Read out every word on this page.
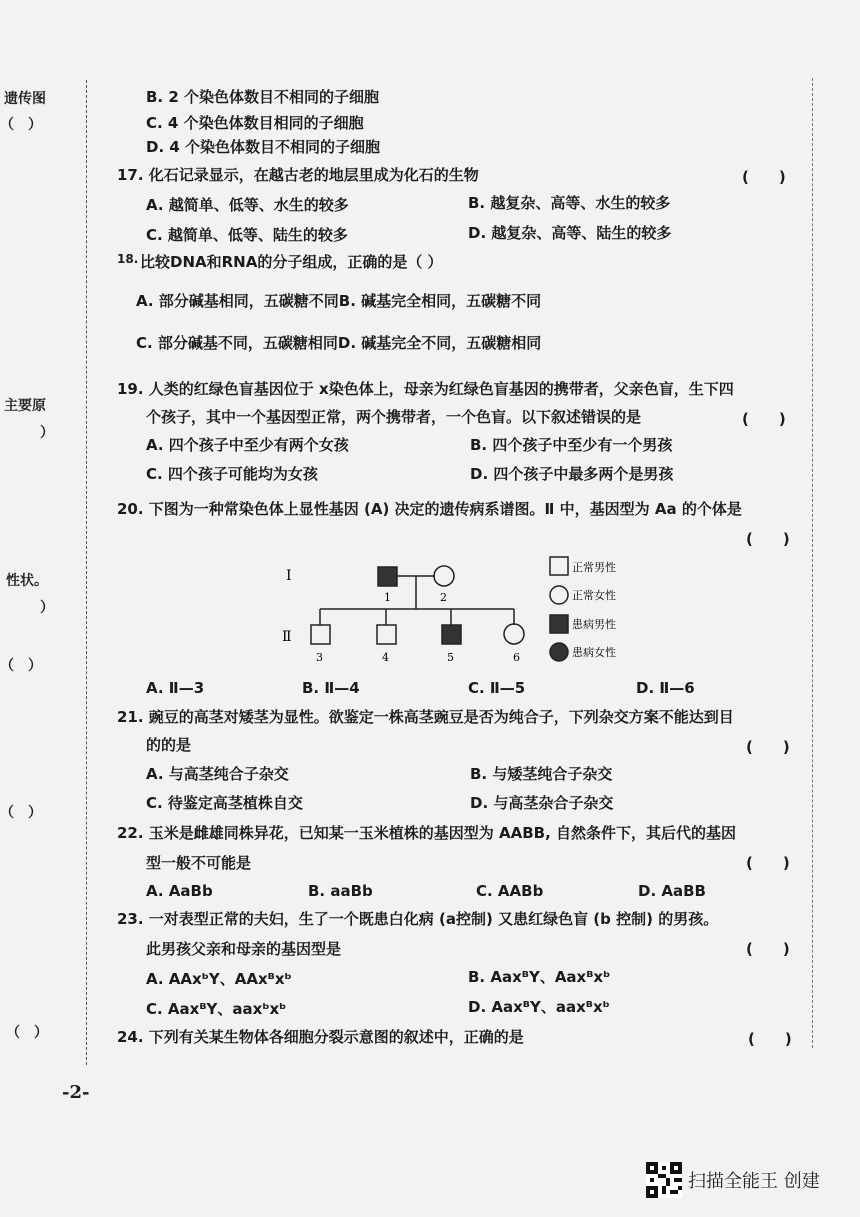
遗传图
（　）
主要原
）
性状。
）
（　）
（　）
（　）
B. 2 个染色体数目不相同的子细胞
C. 4 个染色体数目相同的子细胞
D. 4 个染色体数目不相同的子细胞
17. 化石记录显示，在越古老的地层里成为化石的生物	(　　)
A. 越简单、低等、水生的较多	B. 越复杂、高等、水生的较多
C. 越简单、低等、陆生的较多	D. 越复杂、高等、陆生的较多
18. 比较DNA和RNA的分子组成，正确的是（ ）
A. 部分碱基相同，五碳糖不同B. 碱基完全相同，五碳糖不同
C. 部分碱基不同，五碳糖相同D. 碱基完全不同，五碳糖相同
19. 人类的红绿色盲基因位于 x染色体上，母亲为红绿色盲基因的携带者，父亲色盲，生下四
个孩子，其中一个基因型正常，两个携带者，一个色盲。以下叙述错误的是	(　　)
A. 四个孩子中至少有两个女孩	B. 四个孩子中至少有一个男孩
C. 四个孩子可能均为女孩	D. 四个孩子中最多两个是男孩
20. 下图为一种常染色体上显性基因 (A) 决定的遗传病系谱图。Ⅱ 中，基因型为 Aa 的个体是
(　　)
I
Ⅱ
1	2
3	4	5	6
正常男性
正常女性
患病男性
患病女性
A. Ⅱ—3	B. Ⅱ—4	C. Ⅱ—5	D. Ⅱ—6
21. 豌豆的高茎对矮茎为显性。欲鉴定一株高茎豌豆是否为纯合子，下列杂交方案不能达到目
的的是	(　　)
A. 与高茎纯合子杂交	B. 与矮茎纯合子杂交
C. 待鉴定高茎植株自交	D. 与高茎杂合子杂交
22. 玉米是雌雄同株异花，已知某一玉米植株的基因型为 AABB, 自然条件下，其后代的基因
型一般不可能是	(　　)
A. AaBb	B. aaBb	C. AABb	D. AaBB
23. 一对表型正常的夫妇，生了一个既患白化病 (a控制) 又患红绿色盲 (b 控制) 的男孩。
此男孩父亲和母亲的基因型是	(　　)
A. AAxᵇY、AAxᴮxᵇ	B. AaxᴮY、Aaxᴮxᵇ
C. AaxᴮY、aaxᵇxᵇ	D. AaxᴮY、aaxᴮxᵇ
24. 下列有关某生物体各细胞分裂示意图的叙述中，正确的是	(　　)
-2-
扫描全能王 创建
